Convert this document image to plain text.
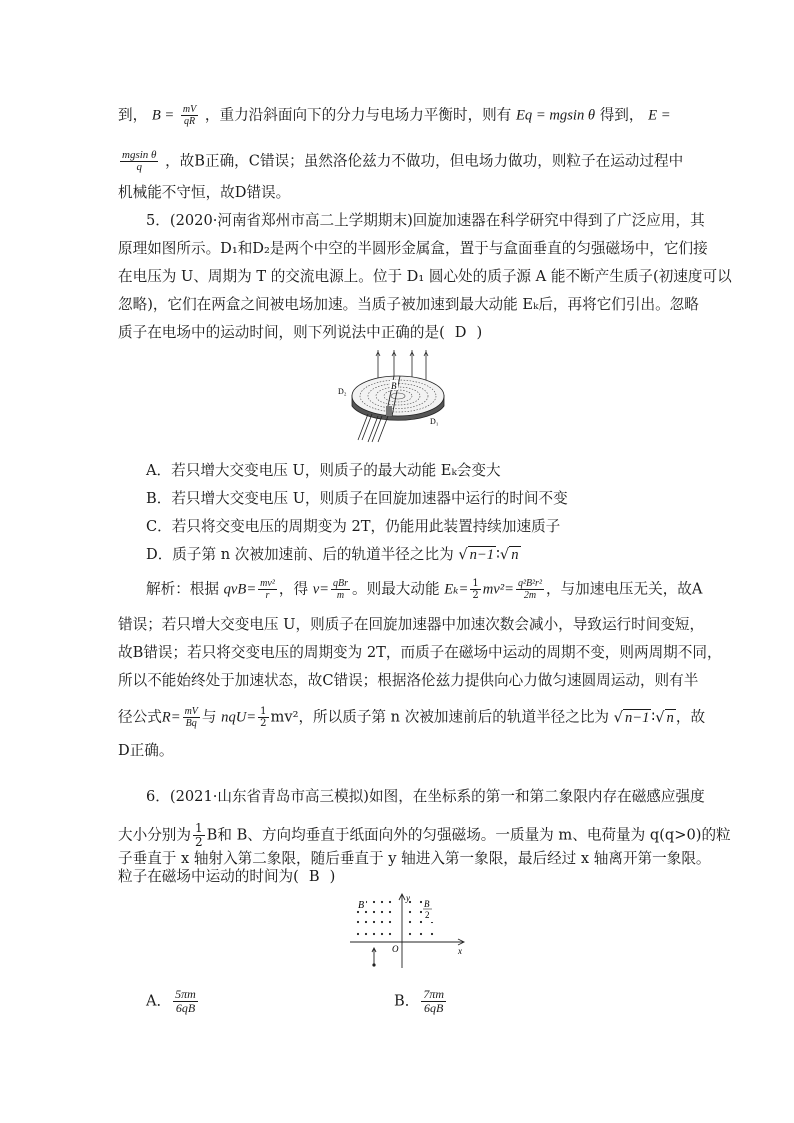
到， $B = \frac{mV}{qR}$ ，重力沿斜面向下的分力与电场力平衡时，则有 Eq = mgsin θ 得到， E =
$\frac{\text{mgsin θ}}{q}$ ，故B正确，C错误；虽然洛伦兹力不做功，但电场力做功，则粒子在运动过程中
机械能不守恒，故D错误。
5．(2020·河南省郑州市高二上学期期末)回旋加速器在科学研究中得到了广泛应用，其
原理如图所示。D₁和D₂是两个中空的半圆形金属盒，置于与盒面垂直的匀强磁场中，它们接
在电压为 U、周期为 T 的交流电源上。位于 D₁ 圆心处的质子源 A 能不断产生质子(初速度可以
忽略)，它们在两盒之间被电场加速。当质子被加速到最大动能 Eₖ后，再将它们引出。忽略
质子在电场中的运动时间，则下列说法中正确的是( D )
B
D₂
D₁
A．若只增大交变电压 U，则质子的最大动能 Eₖ会变大
B．若只增大交变电压 U，则质子在回旋加速器中运行的时间不变
C．若只将交变电压的周期变为 2T，仍能用此装置持续加速质子
D．质子第 n 次被加速前、后的轨道半径之比为 √ n−1 ∶√ n
解析：根据 $qvB= \frac{\text{mv²}}{r}$ ，得 $v= \frac{\text{qBr}}{m}$ 。则最大动能 $E_k= \frac{1}{2} mv^2= \frac{\text{q²B²r²}}{2m}$ ，与加速电压无关，故A
错误；若只增大交变电压 U，则质子在回旋加速器中加速次数会减小，导致运行时间变短，
故B错误；若只将交变电压的周期变为 2T，而质子在磁场中运动的周期不变，则两周期不同，
所以不能始终处于加速状态，故C错误；根据洛伦兹力提供向心力做匀速圆周运动，则有半
径公式$R= \frac{mV}{Bq}$ 与 $nqU= \frac{1}{2} mv^2$，所以质子第 n 次被加速前后的轨道半径之比为 √ n−1 ∶√ n ，故
D正确。
6．(2021·山东省青岛市高三模拟)如图，在坐标系的第一和第二象限内存在磁感应强度
大小分别为 $\frac{1}{2}$ B和 B、方向均垂直于纸面向外的匀强磁场。一质量为 m、电荷量为 q(q>0)的粒
子垂直于 x 轴射入第二象限，随后垂直于 y 轴进入第一象限，最后经过 x 轴离开第一象限。
粒子在磁场中运动的时间为( B )
B	B
2
O	x
y
A． $\frac{5\pi m}{6qB}$	B． $\frac{7\pi m}{6qB}$
